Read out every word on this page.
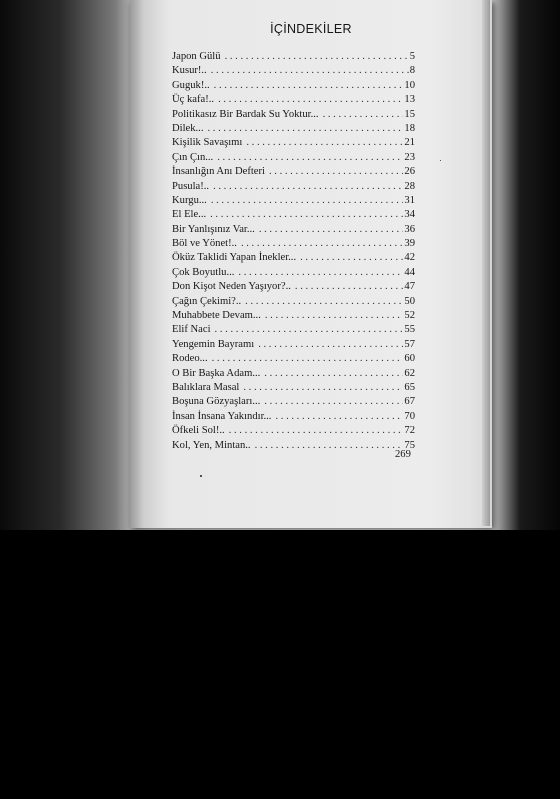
İÇİNDEKİLER
Japon Gülü . . .	5
Kusur!.. . . .	8
Guguk!.. . . .	10
Üç kafa!.. . . .	13
Politikasız Bir Bardak Su Yoktur... . . .	15
Dilek... . . .	18
Kişilik Savaşımı . . .	21
Çın Çın... . . .	23
İnsanlığın Anı Defteri . . .	26
Pusula!.. . . .	28
Kurgu... . . .	31
El Ele... . . .	34
Bir Yanlışınız Var... . . .	36
Böl ve Yönet!.. . . .	39
Öküz Taklidi Yapan İnekler... . . .	42
Çok Boyutlu... . . .	44
Don Kişot Neden Yaşıyor?.. . . .	47
Çağın Çekimi?.. . . .	50
Muhabbete Devam... . . .	52
Elif Naci . . .	55
Yengemin Bayramı . . .	57
Rodeo... . . .	60
O Bir Başka Adam... . . .	62
Balıklara Masal . . .	65
Boşuna Gözyaşları... . . .	67
İnsan İnsana Yakındır... . . .	70
Öfkeli Sol!.. . . .	72
Kol, Yen, Mintan.. . . .	75
269
